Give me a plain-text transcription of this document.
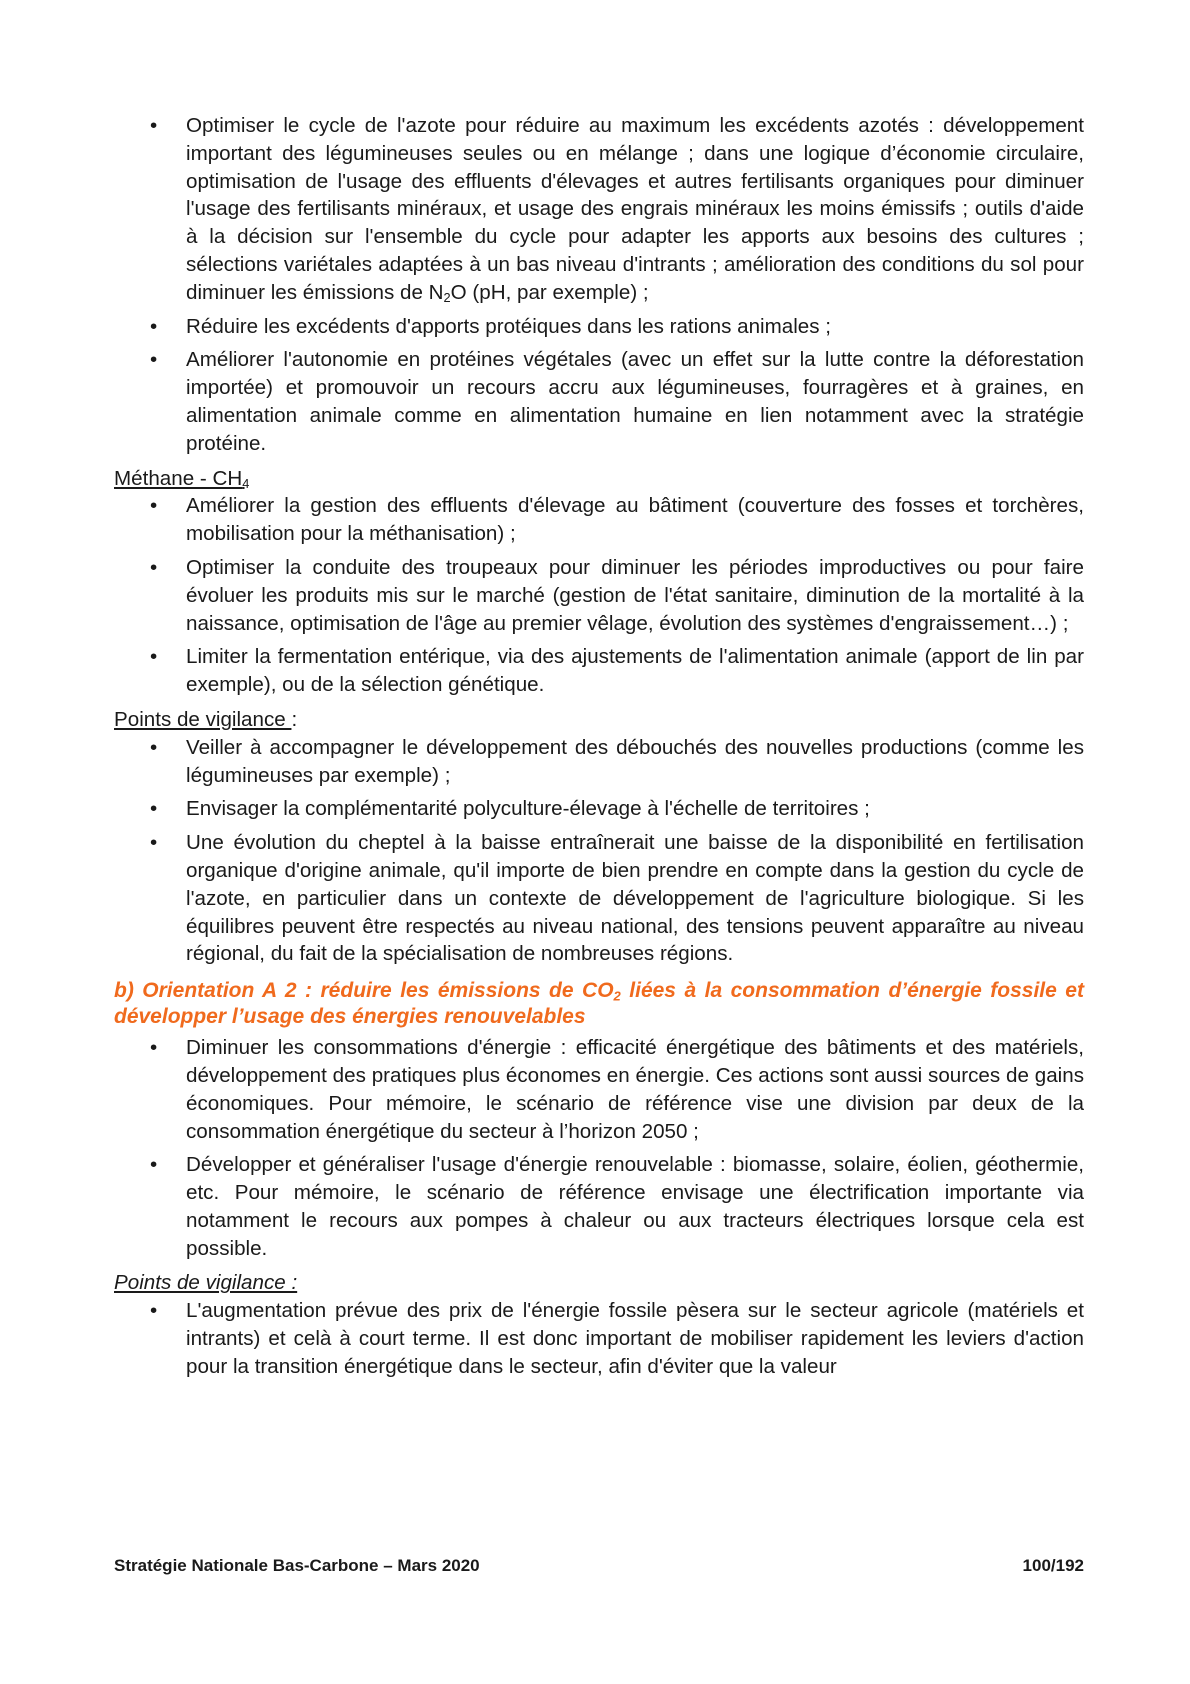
• Optimiser le cycle de l'azote pour réduire au maximum les excédents azotés : développement important des légumineuses seules ou en mélange ; dans une logique d’économie circulaire, optimisation de l'usage des effluents d'élevages et autres fertilisants organiques pour diminuer l'usage des fertilisants minéraux, et usage des engrais minéraux les moins émissifs ; outils d'aide à la décision sur l'ensemble du cycle pour adapter les apports aux besoins des cultures ; sélections variétales adaptées à un bas niveau d'intrants ; amélioration des conditions du sol pour diminuer les émissions de $N_2O$ (pH, par exemple) ;
• Réduire les excédents d'apports protéiques dans les rations animales ;
• Améliorer l'autonomie en protéines végétales (avec un effet sur la lutte contre la déforestation importée) et promouvoir un recours accru aux légumineuses, fourragères et à graines, en alimentation animale comme en alimentation humaine en lien notamment avec la stratégie protéine.
Méthane - $CH_4$
• Améliorer la gestion des effluents d'élevage au bâtiment (couverture des fosses et torchères, mobilisation pour la méthanisation) ;
• Optimiser la conduite des troupeaux pour diminuer les périodes improductives ou pour faire évoluer les produits mis sur le marché (gestion de l'état sanitaire, diminution de la mortalité à la naissance, optimisation de l'âge au premier vêlage, évolution des systèmes d'engraissement…) ;
• Limiter la fermentation entérique, via des ajustements de l'alimentation animale (apport de lin par exemple), ou de la sélection génétique.
Points de vigilance :
• Veiller à accompagner le développement des débouchés des nouvelles productions (comme les légumineuses par exemple) ;
• Envisager la complémentarité polyculture-élevage à l'échelle de territoires ;
• Une évolution du cheptel à la baisse entraînerait une baisse de la disponibilité en fertilisation organique d'origine animale, qu'il importe de bien prendre en compte dans la gestion du cycle de l'azote, en particulier dans un contexte de développement de l'agriculture biologique. Si les équilibres peuvent être respectés au niveau national, des tensions peuvent apparaître au niveau régional, du fait de la spécialisation de nombreuses régions.
b) Orientation A 2 : réduire les émissions de $CO_2$ liées à la consommation d’énergie fossile et développer l’usage des énergies renouvelables
• Diminuer les consommations d'énergie : efficacité énergétique des bâtiments et des matériels, développement des pratiques plus économes en énergie. Ces actions sont aussi sources de gains économiques. Pour mémoire, le scénario de référence vise une division par deux de la consommation énergétique du secteur à l’horizon 2050 ;
• Développer et généraliser l'usage d'énergie renouvelable : biomasse, solaire, éolien, géothermie, etc. Pour mémoire, le scénario de référence envisage une électrification importante via notamment le recours aux pompes à chaleur ou aux tracteurs électriques lorsque cela est possible.
Points de vigilance :
• L'augmentation prévue des prix de l'énergie fossile pèsera sur le secteur agricole (matériels et intrants) et celà à court terme. Il est donc important de mobiliser rapidement les leviers d'action pour la transition énergétique dans le secteur, afin d'éviter que la valeur
Stratégie Nationale Bas-Carbone – Mars 2020	100/192
